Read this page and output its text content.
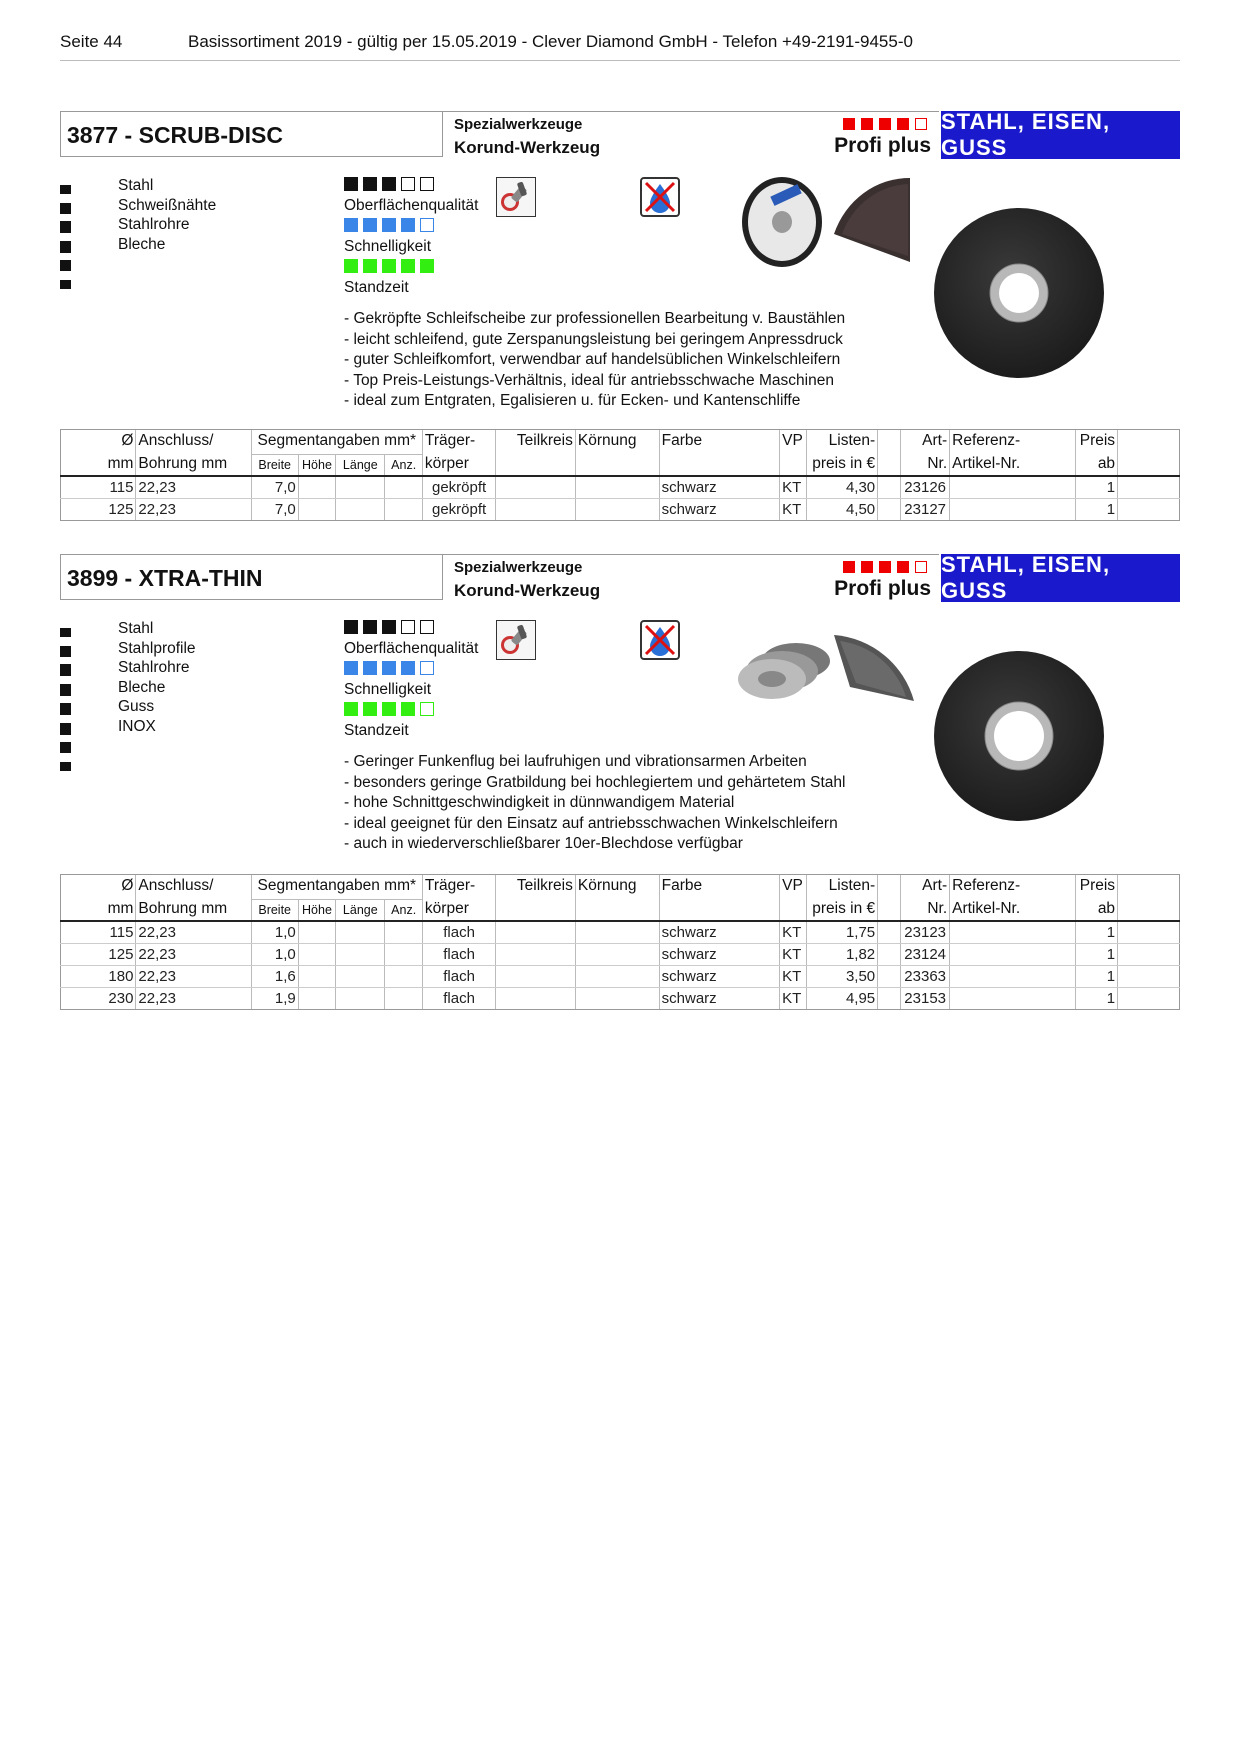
Seite 44	Basissortiment 2019 - gültig per 15.05.2019 - Clever Diamond GmbH - Telefon +49-2191-9455-0
3877 - SCRUB-DISC	Spezialwerkzeuge
Korund-Werkzeug	Profi plus
STAHL, EISEN, GUSS
Stahl
Schweißnähte
Stahlrohre
Bleche
Oberflächenqualität
Schnelligkeit
Standzeit
- Gekröpfte Schleifscheibe zur professionellen Bearbeitung v. Baustählen
- leicht schleifend, gute Zerspanungsleistung bei geringem Anpressdruck
- guter Schleifkomfort, verwendbar auf handelsüblichen Winkelschleifern
- Top Preis-Leistungs-Verhältnis, ideal für antriebsschwache Maschinen
- ideal zum Entgraten, Egalisieren u. für Ecken- und Kantenschliffe
Ø	Anschluss/	Segmentangaben mm*				Träger-	Teilkreis	Körnung	Farbe	VP	Listen-		Art-	Referenz-	Preis	
mm	Bohrung mm	Breite	Höhe	Länge	Anz.	körper					preis in €		Nr.	Artikel-Nr.	ab	
115	22,23	7,0				gekröpft			schwarz	KT	4,30		23126		1	
125	22,23	7,0				gekröpft			schwarz	KT	4,50		23127		1	
3899 - XTRA-THIN	Spezialwerkzeuge
Korund-Werkzeug	Profi plus
STAHL, EISEN, GUSS
Stahl
Stahlprofile
Stahlrohre
Bleche
Guss
INOX
Oberflächenqualität
Schnelligkeit
Standzeit
- Geringer Funkenflug bei laufruhigen und vibrationsarmen Arbeiten
- besonders geringe Gratbildung bei hochlegiertem und gehärtetem Stahl
- hohe Schnittgeschwindigkeit in dünnwandigem Material
- ideal geeignet für den Einsatz auf antriebsschwachen Winkelschleifern
- auch in wiederverschließbarer 10er-Blechdose verfügbar
Ø	Anschluss/	Segmentangaben mm*				Träger-	Teilkreis	Körnung	Farbe	VP	Listen-		Art-	Referenz-	Preis	
mm	Bohrung mm	Breite	Höhe	Länge	Anz.	körper					preis in €		Nr.	Artikel-Nr.	ab	
115	22,23	1,0				flach			schwarz	KT	1,75		23123		1	
125	22,23	1,0				flach			schwarz	KT	1,82		23124		1	
180	22,23	1,6				flach			schwarz	KT	3,50		23363		1	
230	22,23	1,9				flach			schwarz	KT	4,95		23153		1	
